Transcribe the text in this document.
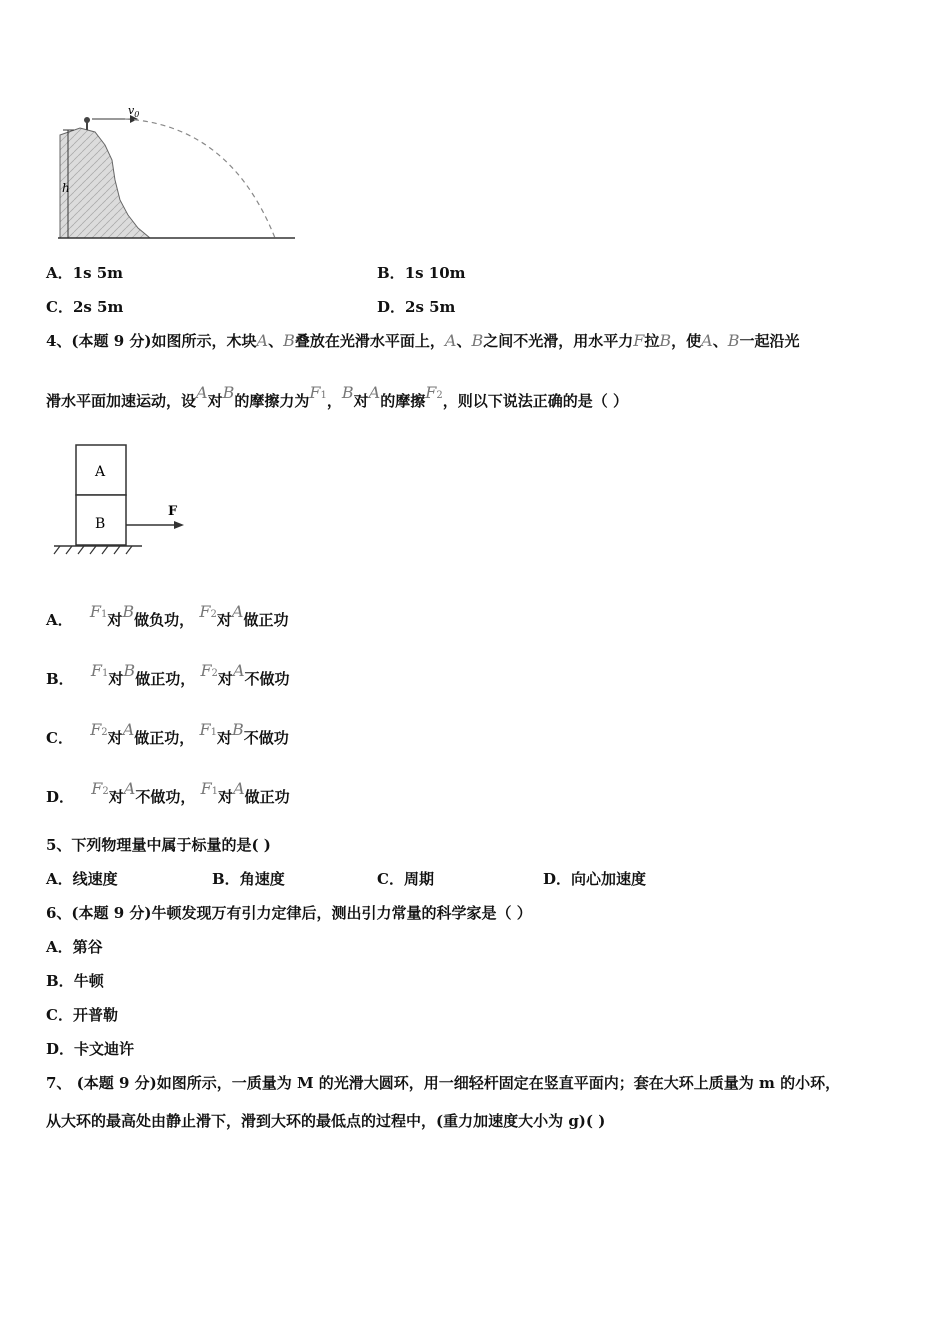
h
$v_0$
A．1s 5m	B．1s 10m
C．2s 5m	D．2s 5m
4、(本题 9 分)如图所示，木块A、B叠放在光滑水平面上，A、B之间不光滑，用水平力F拉B，使A、B一起沿光
滑水平面加速运动，设A对B的摩擦力为F1，B对A的摩擦F2，则以下说法正确的是（ ）
A
B
F
A． F1对B做负功， F2对A做正功
B． F1对B做正功， F2对A不做功
C． F2对A做正功， F1对B不做功
D． F2对A不做功， F1对A做正功
5、下列物理量中属于标量的是( )
A．线速度	B．角速度	C．周期	D．向心加速度
6、(本题 9 分)牛顿发现万有引力定律后，测出引力常量的科学家是（ ）
A．第谷
B．牛顿
C．开普勒
D．卡文迪许
7、 (本题 9 分)如图所示，一质量为 M 的光滑大圆环，用一细轻杆固定在竖直平面内；套在大环上质量为 m 的小环，
从大环的最高处由静止滑下，滑到大环的最低点的过程中，(重力加速度大小为 g)( )
